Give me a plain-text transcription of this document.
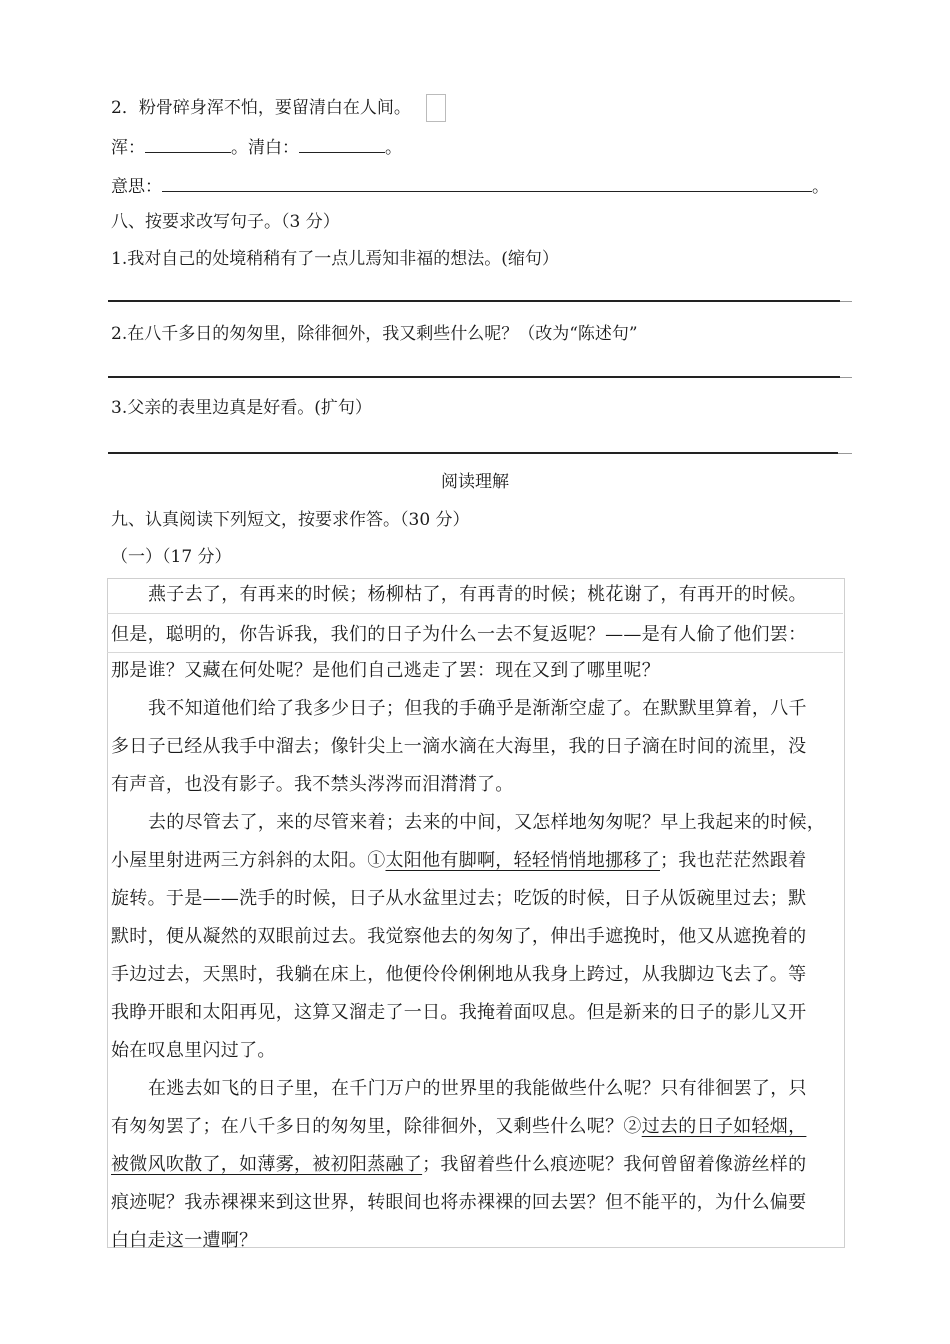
2．粉骨碎身浑不怕，要留清白在人间。
浑：	。清白：	。
意思：	。
八、按要求改写句子。（3 分）
1.我对自己的处境稍稍有了一点儿焉知非福的想法。(缩句）
2.在八千多日的匆匆里，除徘徊外，我又剩些什么呢？（改为“陈述句”
3.父亲的表里边真是好看。(扩句）
阅读理解
九、认真阅读下列短文，按要求作答。（30 分）
（一）（17 分）
燕子去了，有再来的时候；杨柳枯了，有再青的时候；桃花谢了，有再开的时候。
但是，聪明的，你告诉我，我们的日子为什么一去不复返呢？——是有人偷了他们罢：
那是谁？又藏在何处呢？是他们自己逃走了罢：现在又到了哪里呢？
我不知道他们给了我多少日子；但我的手确乎是渐渐空虚了。在默默里算着，八千
多日子已经从我手中溜去；像针尖上一滴水滴在大海里，我的日子滴在时间的流里，没
有声音，也没有影子。我不禁头涔涔而泪潸潸了。
去的尽管去了，来的尽管来着；去来的中间，又怎样地匆匆呢？早上我起来的时候，
小屋里射进两三方斜斜的太阳。①太阳他有脚啊，轻轻悄悄地挪移了；我也茫茫然跟着
旋转。于是——洗手的时候，日子从水盆里过去；吃饭的时候，日子从饭碗里过去；默
默时，便从凝然的双眼前过去。我觉察他去的匆匆了，伸出手遮挽时，他又从遮挽着的
手边过去，天黑时，我躺在床上，他便伶伶俐俐地从我身上跨过，从我脚边飞去了。等
我睁开眼和太阳再见，这算又溜走了一日。我掩着面叹息。但是新来的日子的影儿又开
始在叹息里闪过了。
在逃去如飞的日子里，在千门万户的世界里的我能做些什么呢？只有徘徊罢了，只
有匆匆罢了；在八千多日的匆匆里，除徘徊外，又剩些什么呢？②过去的日子如轻烟，
被微风吹散了，如薄雾，被初阳蒸融了；我留着些什么痕迹呢？我何曾留着像游丝样的
痕迹呢？我赤裸裸来到这世界，转眼间也将赤裸裸的回去罢？但不能平的，为什么偏要
白白走这一遭啊？
